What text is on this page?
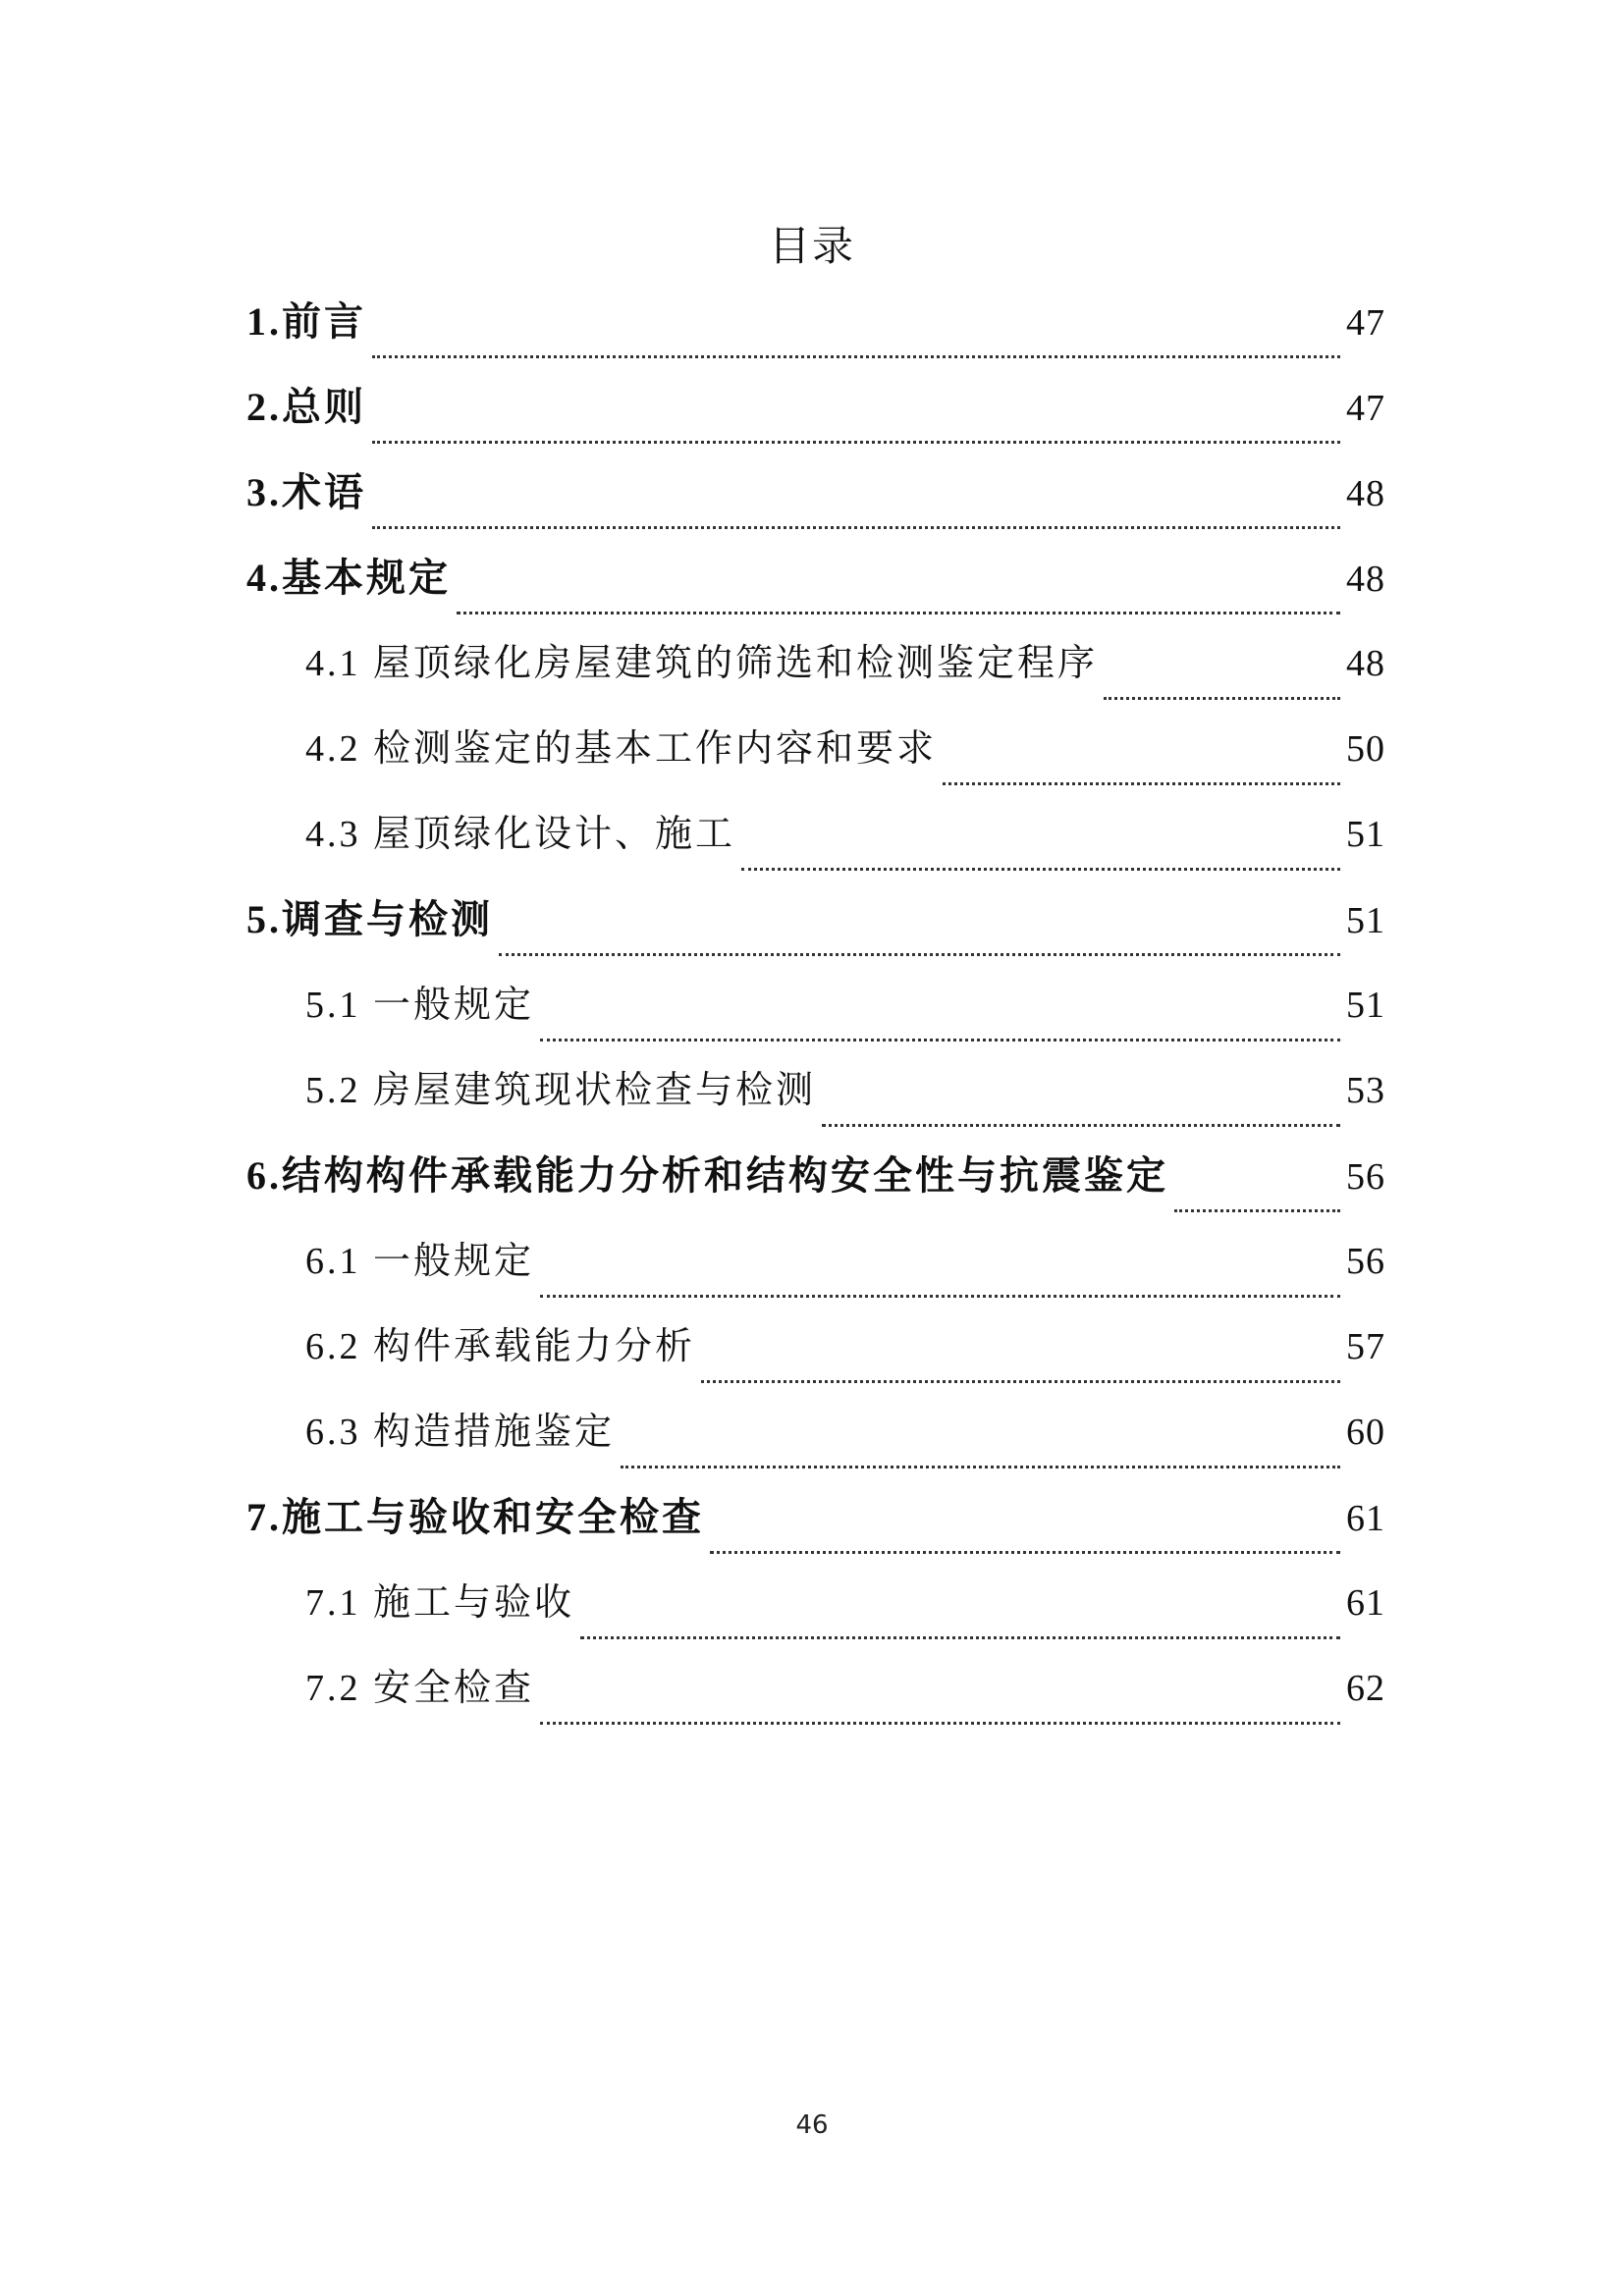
目录
1.前言	47
2.总则	47
3.术语	48
4.基本规定	48
4.1 屋顶绿化房屋建筑的筛选和检测鉴定程序	48
4.2 检测鉴定的基本工作内容和要求	50
4.3 屋顶绿化设计、施工	51
5.调查与检测	51
5.1 一般规定	51
5.2 房屋建筑现状检查与检测	53
6.结构构件承载能力分析和结构安全性与抗震鉴定	56
6.1 一般规定	56
6.2 构件承载能力分析	57
6.3 构造措施鉴定	60
7.施工与验收和安全检查	61
7.1 施工与验收	61
7.2 安全检查	62
46
